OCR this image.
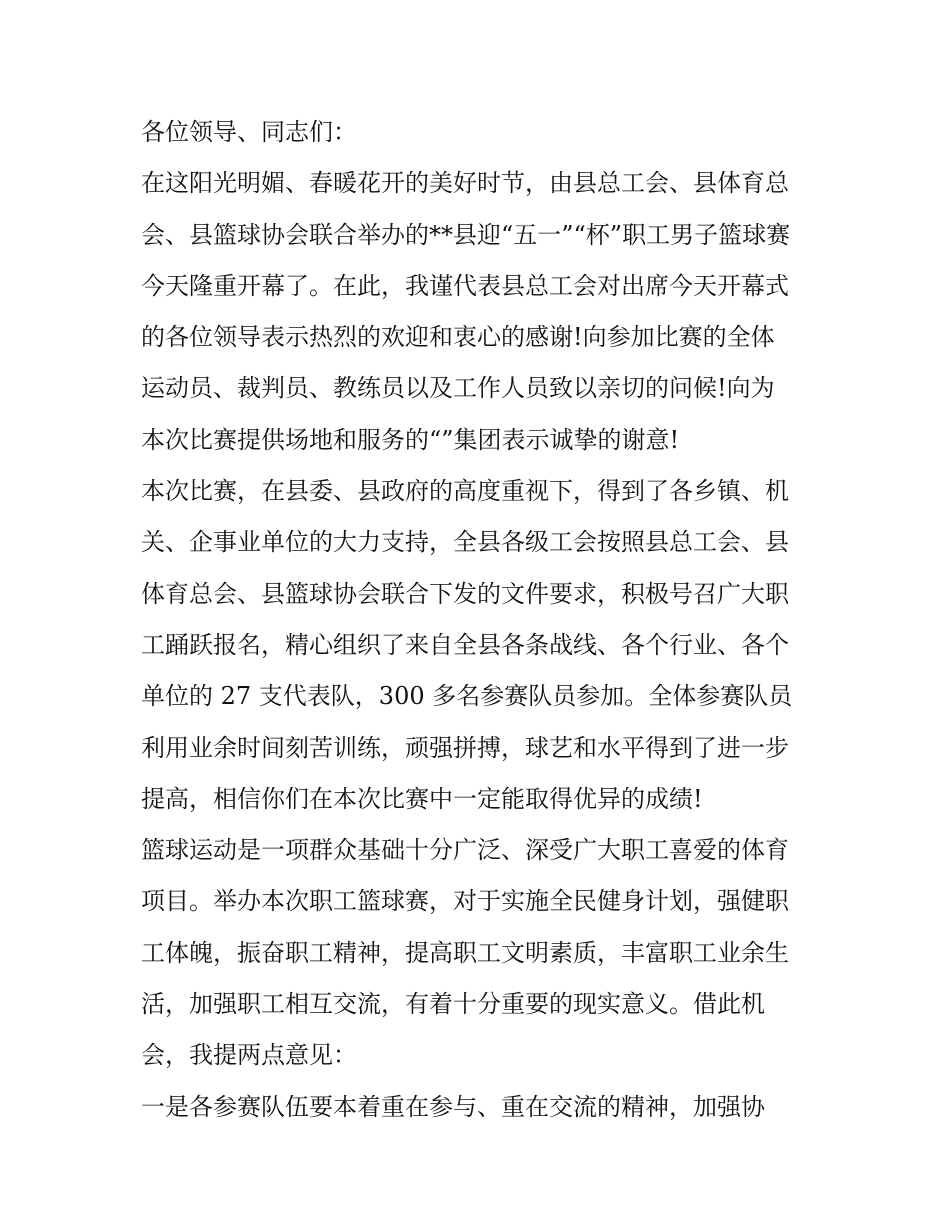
各位领导、同志们：
在这阳光明媚、春暖花开的美好时节，由县总工会、县体育总
会、县篮球协会联合举办的**县迎“五一”“杯”职工男子篮球赛
今天隆重开幕了。在此，我谨代表县总工会对出席今天开幕式
的各位领导表示热烈的欢迎和衷心的感谢!向参加比赛的全体
运动员、裁判员、教练员以及工作人员致以亲切的问候!向为
本次比赛提供场地和服务的“”集团表示诚挚的谢意!
本次比赛，在县委、县政府的高度重视下，得到了各乡镇、机
关、企事业单位的大力支持，全县各级工会按照县总工会、县
体育总会、县篮球协会联合下发的文件要求，积极号召广大职
工踊跃报名，精心组织了来自全县各条战线、各个行业、各个
单位的 27 支代表队，300 多名参赛队员参加。全体参赛队员
利用业余时间刻苦训练，顽强拼搏，球艺和水平得到了进一步
提高，相信你们在本次比赛中一定能取得优异的成绩!
篮球运动是一项群众基础十分广泛、深受广大职工喜爱的体育
项目。举办本次职工篮球赛，对于实施全民健身计划，强健职
工体魄，振奋职工精神，提高职工文明素质，丰富职工业余生
活，加强职工相互交流，有着十分重要的现实意义。借此机
会，我提两点意见：
一是各参赛队伍要本着重在参与、重在交流的精神，加强协
